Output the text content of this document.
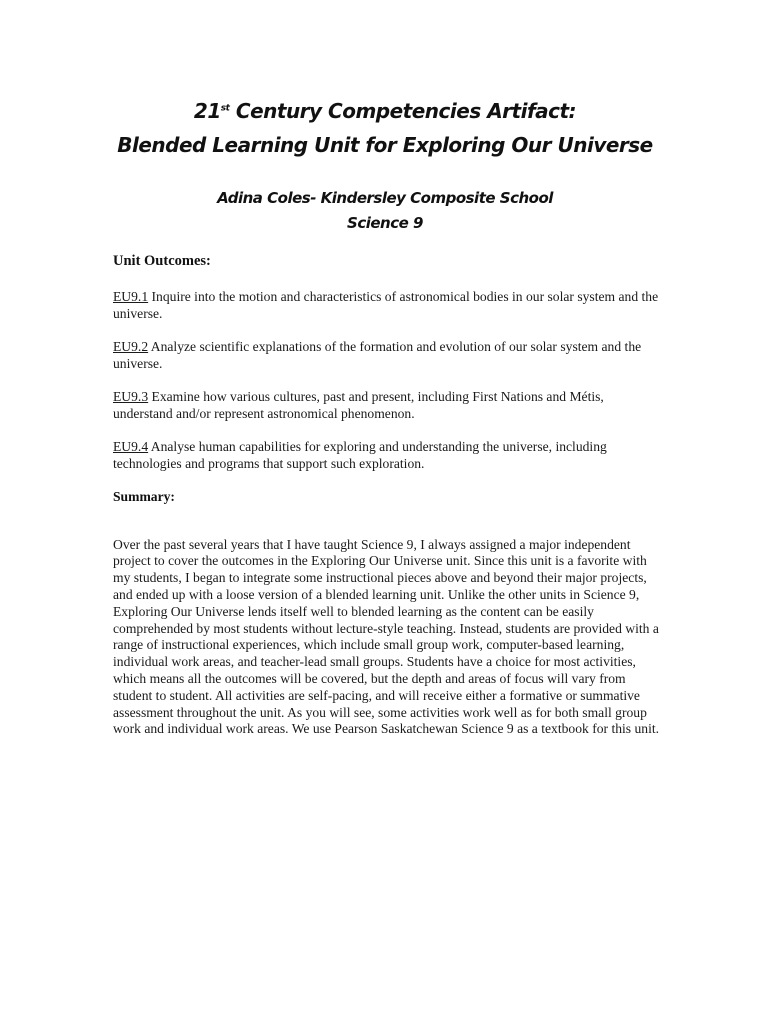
21st Century Competencies Artifact:
Blended Learning Unit for Exploring Our Universe
Adina Coles- Kindersley Composite School
Science 9
Unit Outcomes:

EU9.1 Inquire into the motion and characteristics of astronomical bodies in our solar system and the universe.

EU9.2 Analyze scientific explanations of the formation and evolution of our solar system and the universe.

EU9.3 Examine how various cultures, past and present, including First Nations and Métis, understand and/or represent astronomical phenomenon.

EU9.4 Analyse human capabilities for exploring and understanding the universe, including technologies and programs that support such exploration.

Summary:

Over the past several years that I have taught Science 9, I always assigned a major independent project to cover the outcomes in the Exploring Our Universe unit. Since this unit is a favorite with my students, I began to integrate some instructional pieces above and beyond their major projects, and ended up with a loose version of a blended learning unit. Unlike the other units in Science 9, Exploring Our Universe lends itself well to blended learning as the content can be easily comprehended by most students without lecture-style teaching. Instead, students are provided with a range of instructional experiences, which include small group work, computer-based learning, individual work areas, and teacher-lead small groups. Students have a choice for most activities, which means all the outcomes will be covered, but the depth and areas of focus will vary from student to student. All activities are self-pacing, and will receive either a formative or summative assessment throughout the unit. As you will see, some activities work well as for both small group work and individual work areas. We use Pearson Saskatchewan Science 9 as a textbook for this unit.
